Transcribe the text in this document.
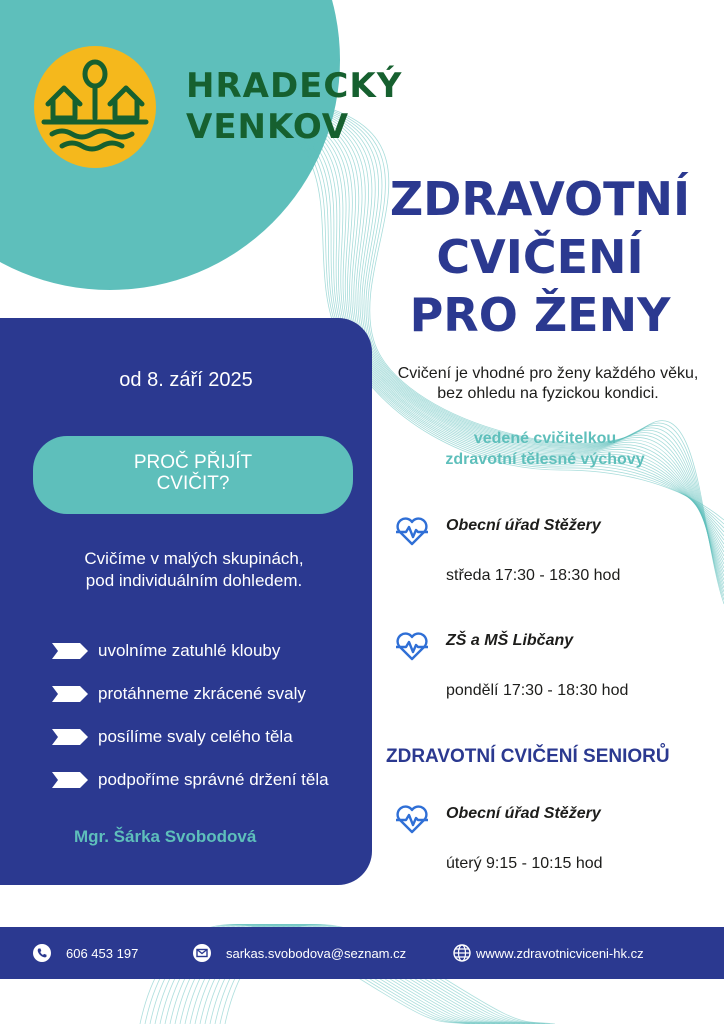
HRADECKÝ
VENKOV
ZDRAVOTNÍ
CVIČENÍ
PRO ŽENY
Cvičení je vhodné pro ženy každého věku,
bez ohledu na fyzickou kondici.
vedené cvičitelkou
zdravotní tělesné výchovy
od 8. září 2025
PROČ PŘIJÍT
CVIČIT?
Cvičíme v malých skupinách,
pod individuálním dohledem.
uvolníme zatuhlé klouby
protáhneme zkrácené svaly
posílíme svaly celého těla
podpoříme správné držení těla
Mgr. Šárka Svobodová
Obecní úřad Stěžery
středa 17:30 - 18:30 hod
ZŠ a MŠ Libčany
pondělí 17:30 - 18:30 hod
ZDRAVOTNÍ CVIČENÍ SENIORŮ
Obecní úřad Stěžery
úterý 9:15 - 10:15 hod
606 453 197	sarkas.svobodova@seznam.cz	wwww.zdravotnicviceni-hk.cz
